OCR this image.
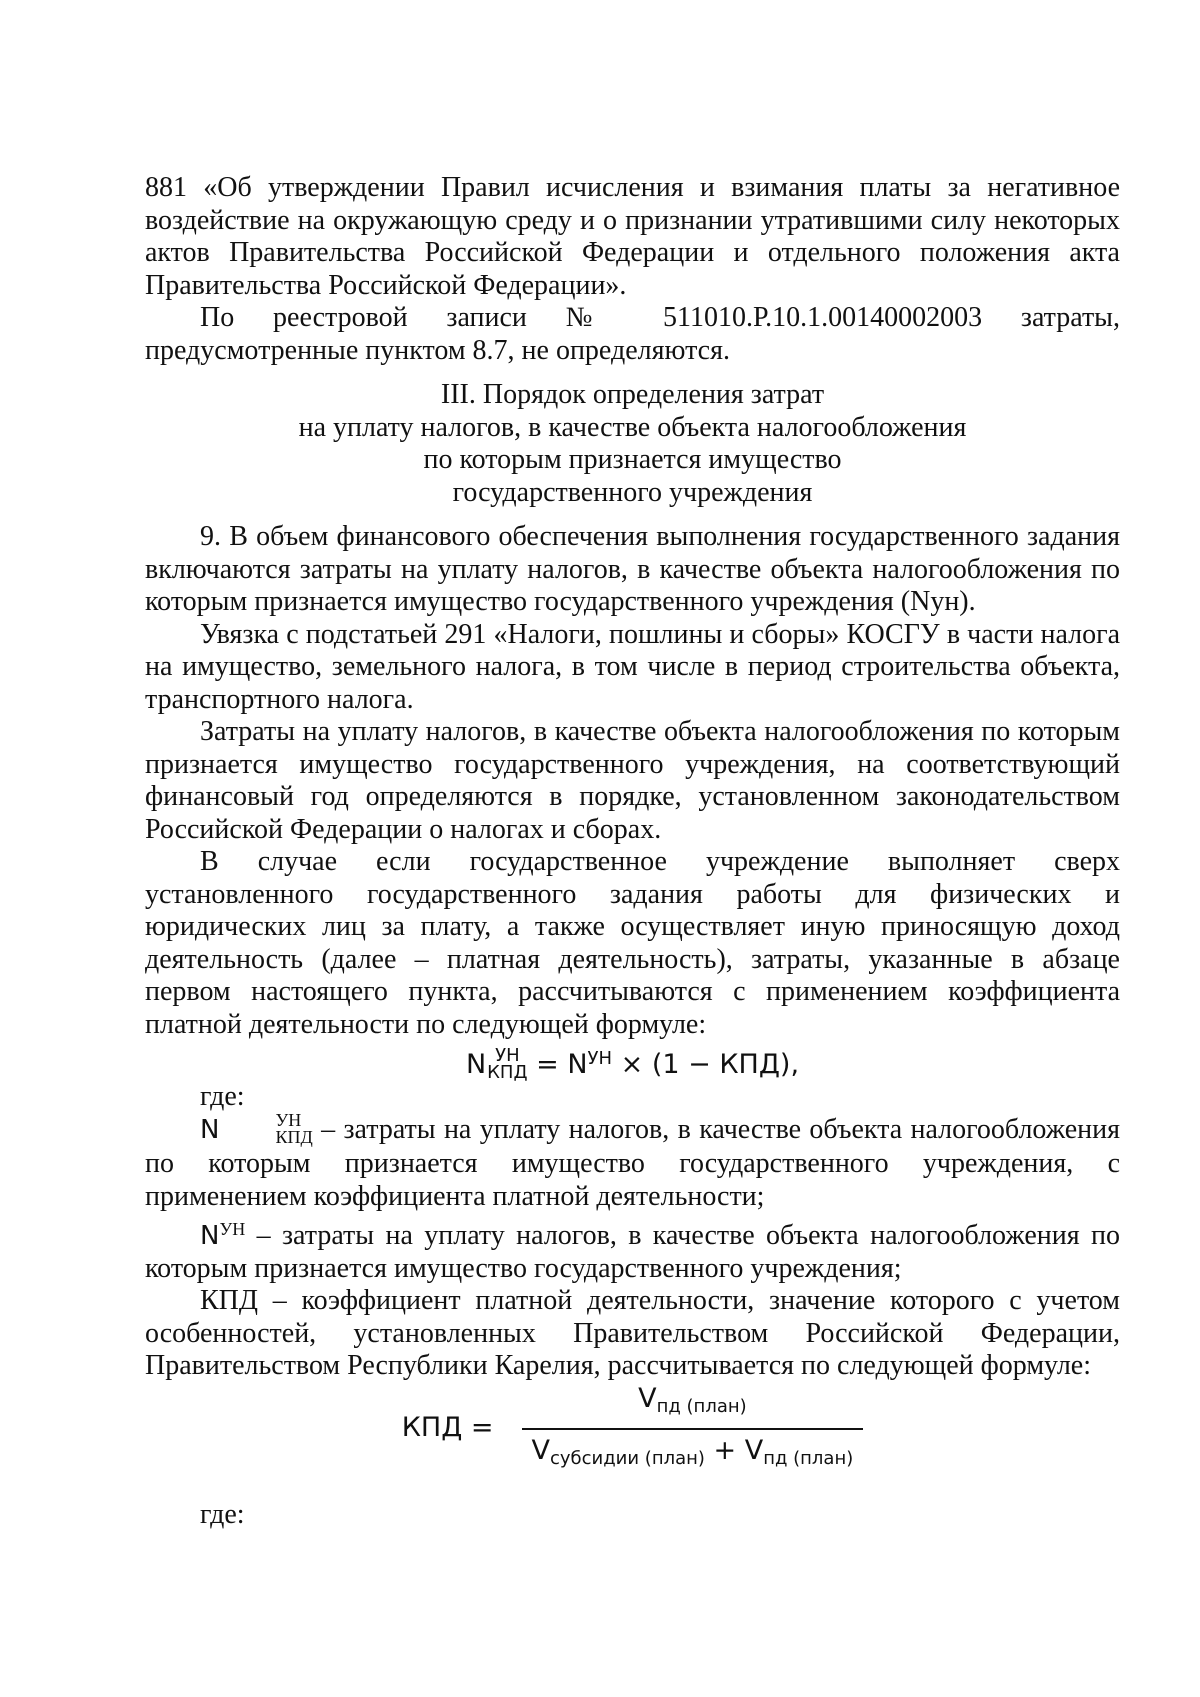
881 «Об утверждении Правил исчисления и взимания платы за негативное воздействие на окружающую среду и о признании утратившими силу некоторых актов Правительства Российской Федерации и отдельного положения акта Правительства Российской Федерации».

По реестровой записи № 511010.Р.10.1.00140002003 затраты, предусмотренные пунктом 8.7, не определяются.

III. Порядок определения затрат
на уплату налогов, в качестве объекта налогообложения
по которым признается имущество
государственного учреждения

9. В объем финансового обеспечения выполнения государственного задания включаются затраты на уплату налогов, в качестве объекта налогообложения по которым признается имущество государственного учреждения (Nун).

Увязка с подстатьей 291 «Налоги, пошлины и сборы» КОСГУ в части налога на имущество, земельного налога, в том числе в период строительства объекта, транспортного налога.

Затраты на уплату налогов, в качестве объекта налогообложения по которым признается имущество государственного учреждения, на соответствующий финансовый год определяются в порядке, установленном законодательством Российской Федерации о налогах и сборах.

В случае если государственное учреждение выполняет сверх установленного государственного задания работы для физических и юридических лиц за плату, а также осуществляет иную приносящую доход деятельность (далее – платная деятельность), затраты, указанные в абзаце первом настоящего пункта, рассчитываются с применением коэффициента платной деятельности по следующей формуле:

N УН
КПД = $N^{УН} \times (1 - КПД)$,

где:

N	УН
КПД – затраты на уплату налогов, в качестве объекта налогообложения по которым признается имущество государственного учреждения, с применением коэффициента платной деятельности;

$N^{УН}$ – затраты на уплату налогов, в качестве объекта налогообложения по которым признается имущество государственного учреждения;

КПД – коэффициент платной деятельности, значение которого с учетом особенностей, установленных Правительством Российской Федерации, Правительством Республики Карелия, рассчитывается по следующей формуле:

КПД = $\frac{V_{пд (план)}}{V_{субсидии (план)} + V_{пд (план)}}$

где:
